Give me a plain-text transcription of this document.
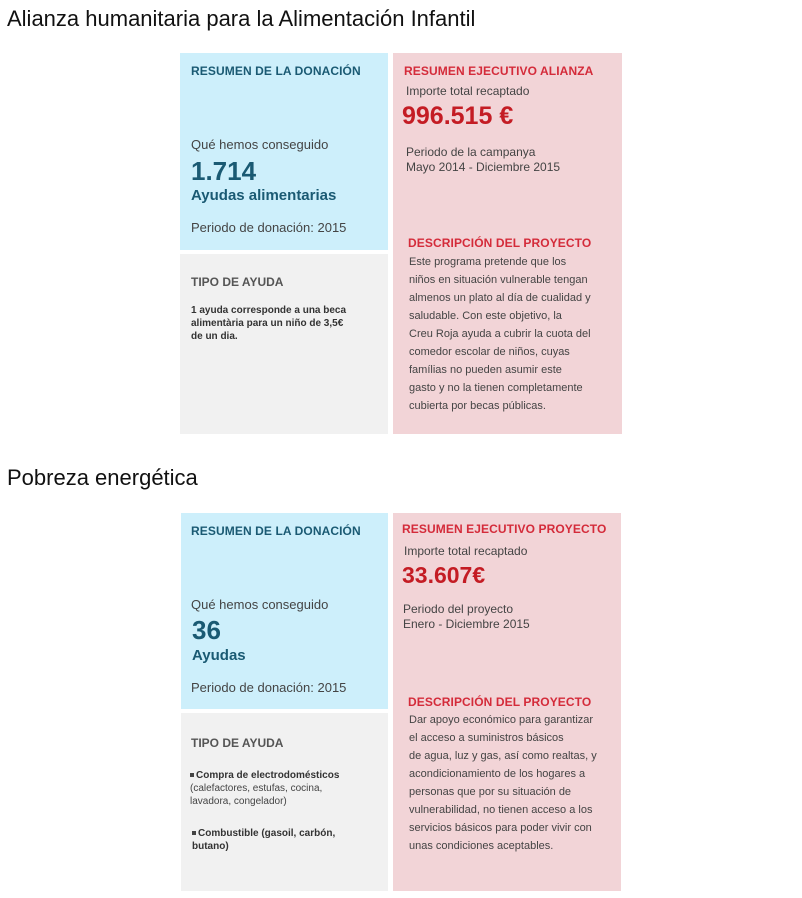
Alianza humanitaria para la Alimentación Infantil
RESUMEN DE LA DONACIÓN
Qué hemos conseguido
1.714
Ayudas alimentarias
Periodo de donación: 2015
TIPO DE AYUDA
1 ayuda corresponde a una beca
alimentària para un niño de 3,5€
de un dia.
RESUMEN EJECUTIVO ALIANZA
Importe total recaptado
996.515 €
Periodo de la campanya
Mayo 2014 - Diciembre 2015
DESCRIPCIÓN DEL PROYECTO
Este programa pretende que los
niños en situación vulnerable tengan
almenos un plato al día de cualidad y
saludable. Con este objetivo, la
Creu Roja ayuda a cubrir la cuota del
comedor escolar de niños, cuyas
famílias no pueden asumir este
gasto y no la tienen completamente
cubierta por becas públicas.
Pobreza energética
RESUMEN DE LA DONACIÓN
Qué hemos conseguido
36
Ayudas
Periodo de donación: 2015
TIPO DE AYUDA
Compra de electrodomésticos
(calefactores, estufas, cocina,
lavadora, congelador)
Combustible (gasoil, carbón,
butano)
RESUMEN EJECUTIVO PROYECTO
Importe total recaptado
33.607€
Periodo del proyecto
Enero - Diciembre 2015
DESCRIPCIÓN DEL PROYECTO
Dar apoyo económico para garantizar
el acceso a suministros básicos
de agua, luz y gas, así como realtas, y
acondicionamiento de los hogares a
personas que por su situación de
vulnerabilidad, no tienen acceso a los
servicios básicos para poder vivir con
unas condiciones aceptables.
